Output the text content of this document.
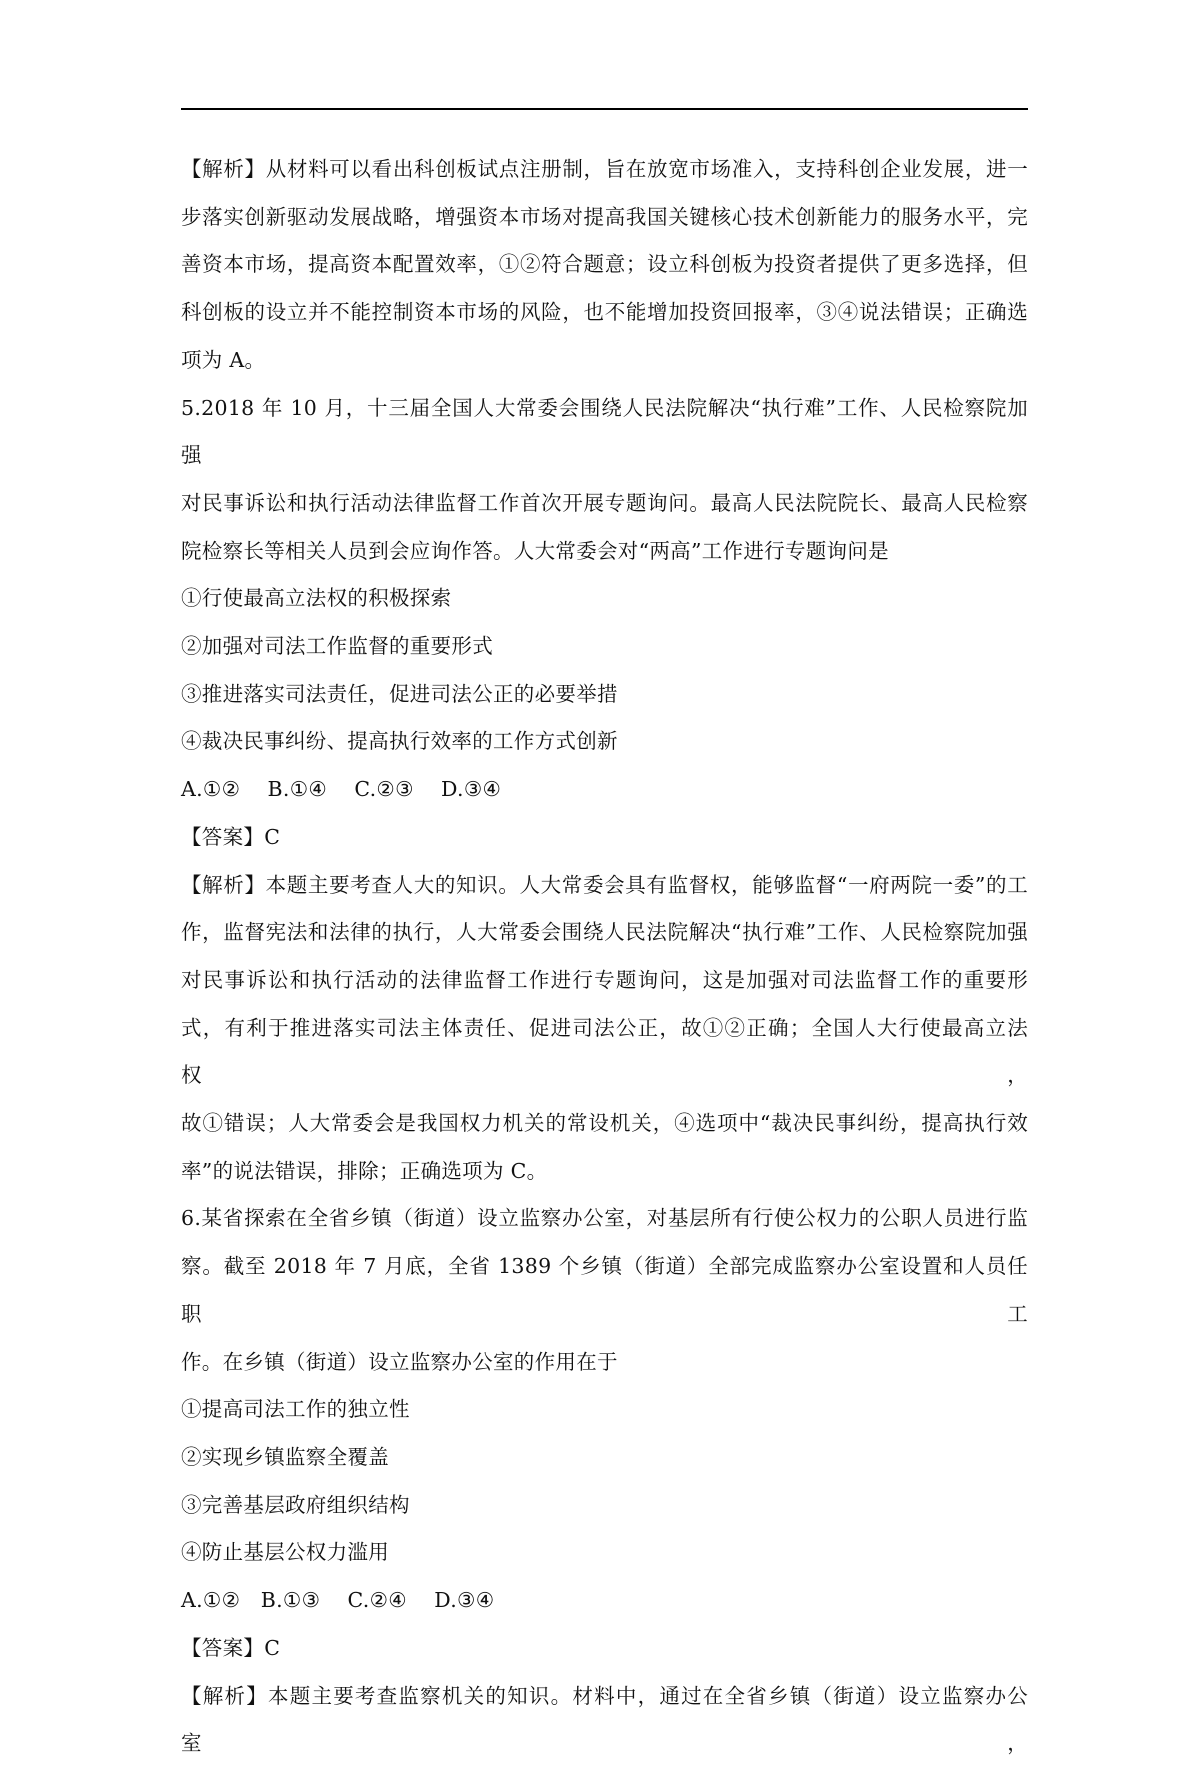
【解析】从材料可以看出科创板试点注册制，旨在放宽市场准入，支持科创企业发展，进一
步落实创新驱动发展战略，增强资本市场对提高我国关键核心技术创新能力的服务水平，完
善资本市场，提高资本配置效率，①②符合题意；设立科创板为投资者提供了更多选择，但
科创板的设立并不能控制资本市场的风险，也不能增加投资回报率，③④说法错误；正确选
项为 A。
5.2018 年 10 月，十三届全国人大常委会围绕人民法院解决“执行难”工作、人民检察院加强
对民事诉讼和执行活动法律监督工作首次开展专题询问。最高人民法院院长、最高人民检察
院检察长等相关人员到会应询作答。人大常委会对“两高”工作进行专题询问是
①行使最高立法权的积极探索
②加强对司法工作监督的重要形式
③推进落实司法责任，促进司法公正的必要举措
④裁决民事纠纷、提高执行效率的工作方式创新
A.①②    B.①④    C.②③    D.③④
【答案】C
【解析】本题主要考查人大的知识。人大常委会具有监督权，能够监督“一府两院一委”的工
作，监督宪法和法律的执行，人大常委会围绕人民法院解决“执行难”工作、人民检察院加强
对民事诉讼和执行活动的法律监督工作进行专题询问，这是加强对司法监督工作的重要形
式，有利于推进落实司法主体责任、促进司法公正，故①②正确；全国人大行使最高立法权，
故①错误；人大常委会是我国权力机关的常设机关，④选项中“裁决民事纠纷，提高执行效
率”的说法错误，排除；正确选项为 C。
6.某省探索在全省乡镇（街道）设立监察办公室，对基层所有行使公权力的公职人员进行监
察。截至 2018 年 7 月底，全省 1389 个乡镇（街道）全部完成监察办公室设置和人员任职工
作。在乡镇（街道）设立监察办公室的作用在于
①提高司法工作的独立性
②实现乡镇监察全覆盖
③完善基层政府组织结构
④防止基层公权力滥用
A.①②   B.①③    C.②④    D.③④
【答案】C
【解析】本题主要考查监察机关的知识。材料中，通过在全省乡镇（街道）设立监察办公室，
